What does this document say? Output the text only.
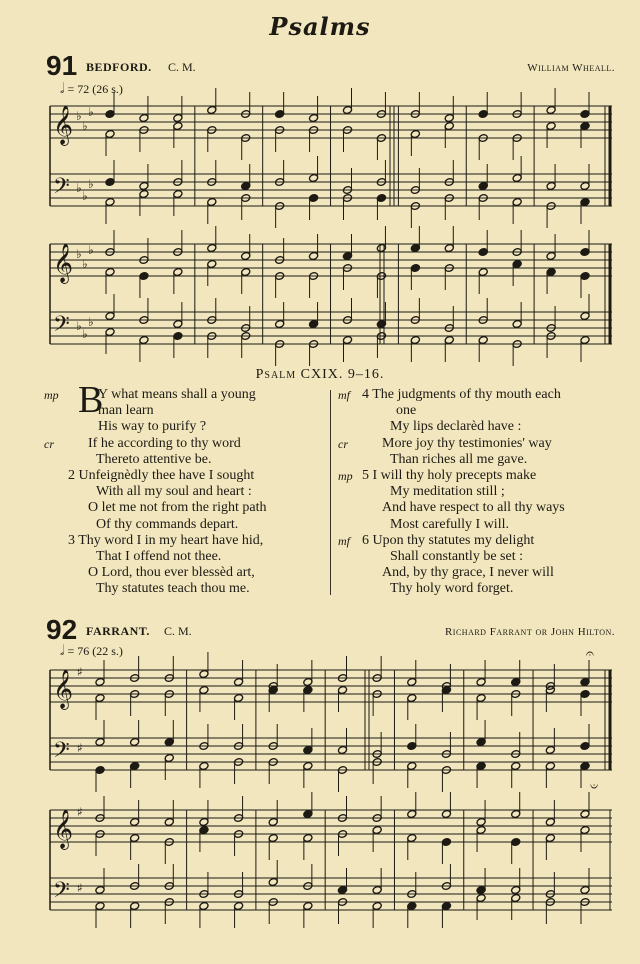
Psalms
91 BEDFORD. C. M.	William Wheall.
𝅗𝅥 = 72 (26 s.)
𝄞
𝄢
𝄞
𝄢
♭
♭
♭
♭
♭
♭
♭
♭
♭
♭
♭
♭
Psalm CXIX. 9–16.
mp B
Y what means shall a young
man learn
His way to purify ?
cr If he according to thy word
Thereto attentive be.
2 Unfeignèdly thee have I sought
With all my soul and heart :
O let me not from the right path
Of thy commands depart.
3 Thy word I in my heart have hid,
That I offend not thee.
O Lord, thou ever blessèd art,
Thy statutes teach thou me.
mf 4 The judgments of thy mouth each
one
My lips declarèd have :
cr More joy thy testimonies' way
Than riches all me gave.
mp 5 I will thy holy precepts make
My meditation still ;
And have respect to all thy ways
Most carefully I will.
mf 6 Upon thy statutes my delight
Shall constantly be set :
And, by thy grace, I never will
Thy holy word forget.
92 FARRANT. C. M.	Richard Farrant or John Hilton.
𝅗𝅥 = 76 (22 s.)
𝄞
𝄢
𝄞
𝄢
♯
♯
♯
♯
𝄐
𝄐
